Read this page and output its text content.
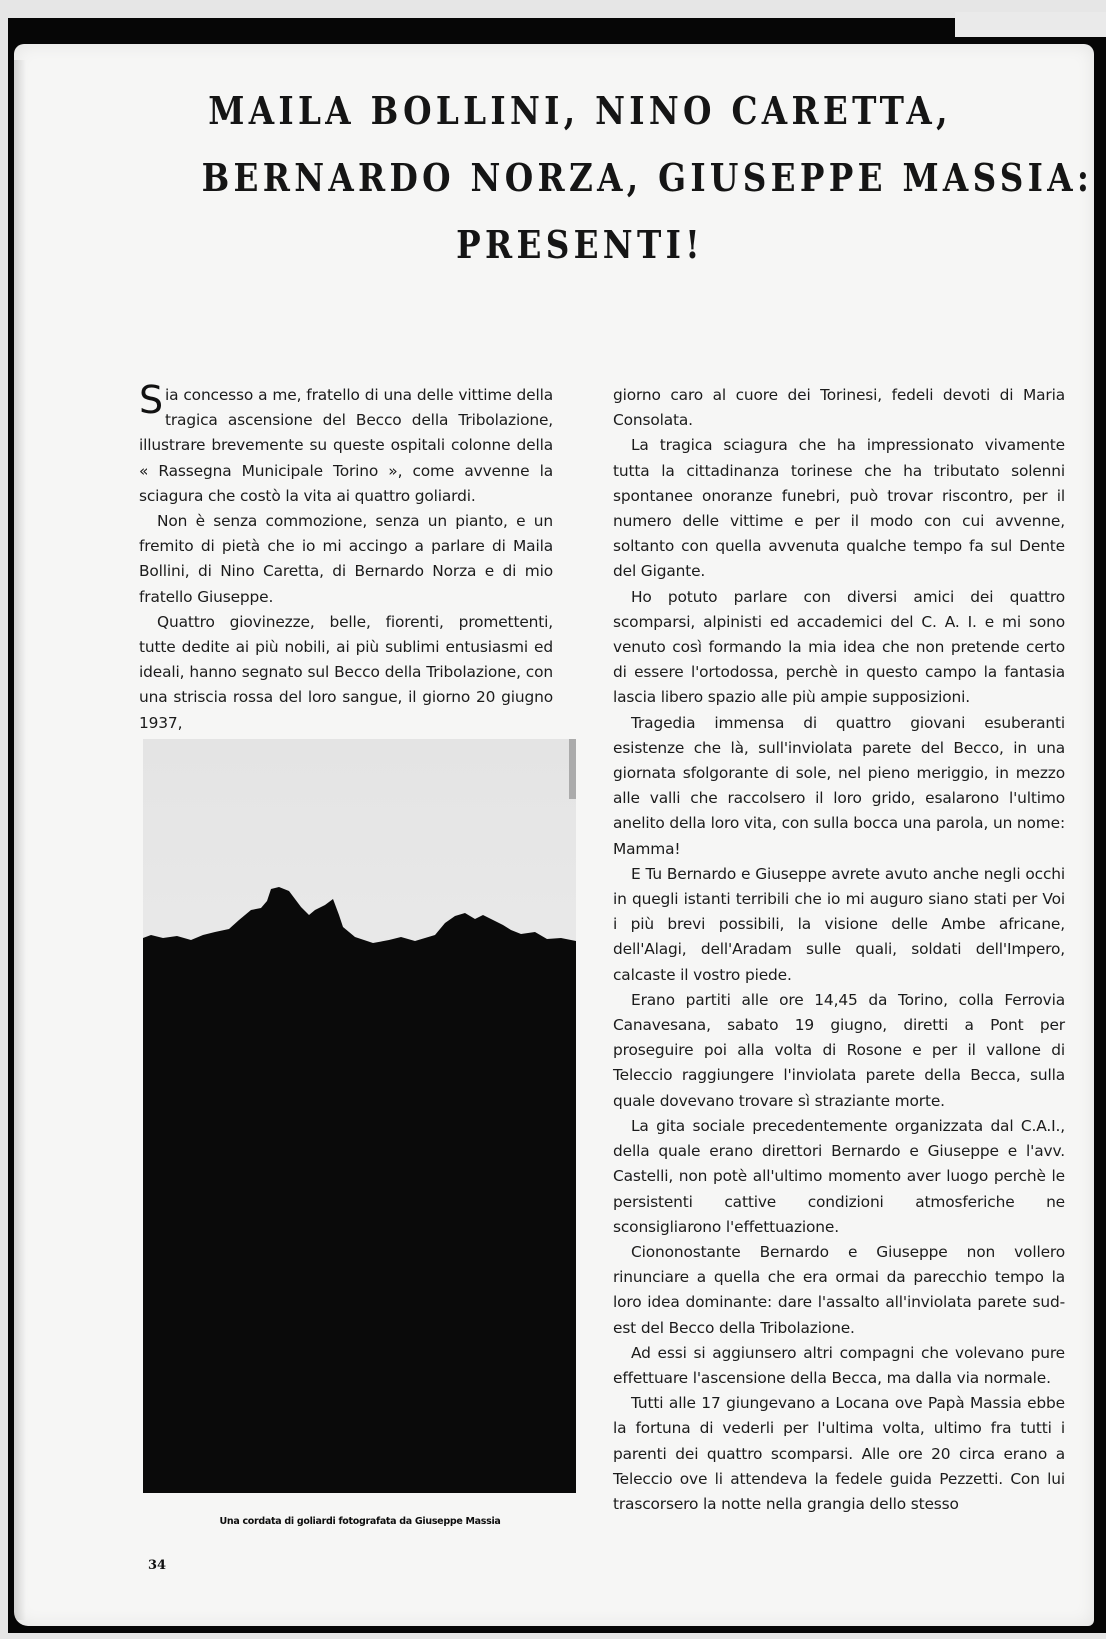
MAILA BOLLINI, NINO CARETTA,
BERNARDO NORZA, GIUSEPPE MASSIA:
PRESENTI!

Sia concesso a me, fratello di una delle vittime della tragica ascensione del Becco della Tribolazione, illustrare brevemente su queste ospitali colonne della « Rassegna Municipale Torino », come avvenne la sciagura che costò la vita ai quattro goliardi.

Non è senza commozione, senza un pianto, e un fremito di pietà che io mi accingo a parlare di Maila Bollini, di Nino Caretta, di Bernardo Norza e di mio fratello Giuseppe.

Quattro giovinezze, belle, fiorenti, promettenti, tutte dedite ai più nobili, ai più sublimi entusiasmi ed ideali, hanno segnato sul Becco della Tribolazione, con una striscia rossa del loro sangue, il giorno 20 giugno 1937,

Una cordata di goliardi fotografata da Giuseppe Massia
34

giorno caro al cuore dei Torinesi, fedeli devoti di Maria Consolata.

La tragica sciagura che ha impressionato vivamente tutta la cittadinanza torinese che ha tributato solenni spontanee onoranze funebri, può trovar riscontro, per il numero delle vittime e per il modo con cui avvenne, soltanto con quella avvenuta qualche tempo fa sul Dente del Gigante.

Ho potuto parlare con diversi amici dei quattro scomparsi, alpinisti ed accademici del C. A. I. e mi sono venuto così formando la mia idea che non pretende certo di essere l'ortodossa, perchè in questo campo la fantasia lascia libero spazio alle più ampie supposizioni.

Tragedia immensa di quattro giovani esuberanti esistenze che là, sull'inviolata parete del Becco, in una giornata sfolgorante di sole, nel pieno meriggio, in mezzo alle valli che raccolsero il loro grido, esalarono l'ultimo anelito della loro vita, con sulla bocca una parola, un nome: Mamma!

E Tu Bernardo e Giuseppe avrete avuto anche negli occhi in quegli istanti terribili che io mi auguro siano stati per Voi i più brevi possibili, la visione delle Ambe africane, dell'Alagi, dell'Aradam sulle quali, soldati dell'Impero, calcaste il vostro piede.

Erano partiti alle ore 14,45 da Torino, colla Ferrovia Canavesana, sabato 19 giugno, diretti a Pont per proseguire poi alla volta di Rosone e per il vallone di Teleccio raggiungere l'inviolata parete della Becca, sulla quale dovevano trovare sì straziante morte.

La gita sociale precedentemente organizzata dal C.A.I., della quale erano direttori Bernardo e Giuseppe e l'avv. Castelli, non potè all'ultimo momento aver luogo perchè le persistenti cattive condizioni atmosferiche ne sconsigliarono l'effettuazione.

Ciononostante Bernardo e Giuseppe non vollero rinunciare a quella che era ormai da parecchio tempo la loro idea dominante: dare l'assalto all'inviolata parete sud-est del Becco della Tribolazione.

Ad essi si aggiunsero altri compagni che volevano pure effettuare l'ascensione della Becca, ma dalla via normale.

Tutti alle 17 giungevano a Locana ove Papà Massia ebbe la fortuna di vederli per l'ultima volta, ultimo fra tutti i parenti dei quattro scomparsi. Alle ore 20 circa erano a Teleccio ove li attendeva la fedele guida Pezzetti. Con lui trascorsero la notte nella grangia dello stesso
